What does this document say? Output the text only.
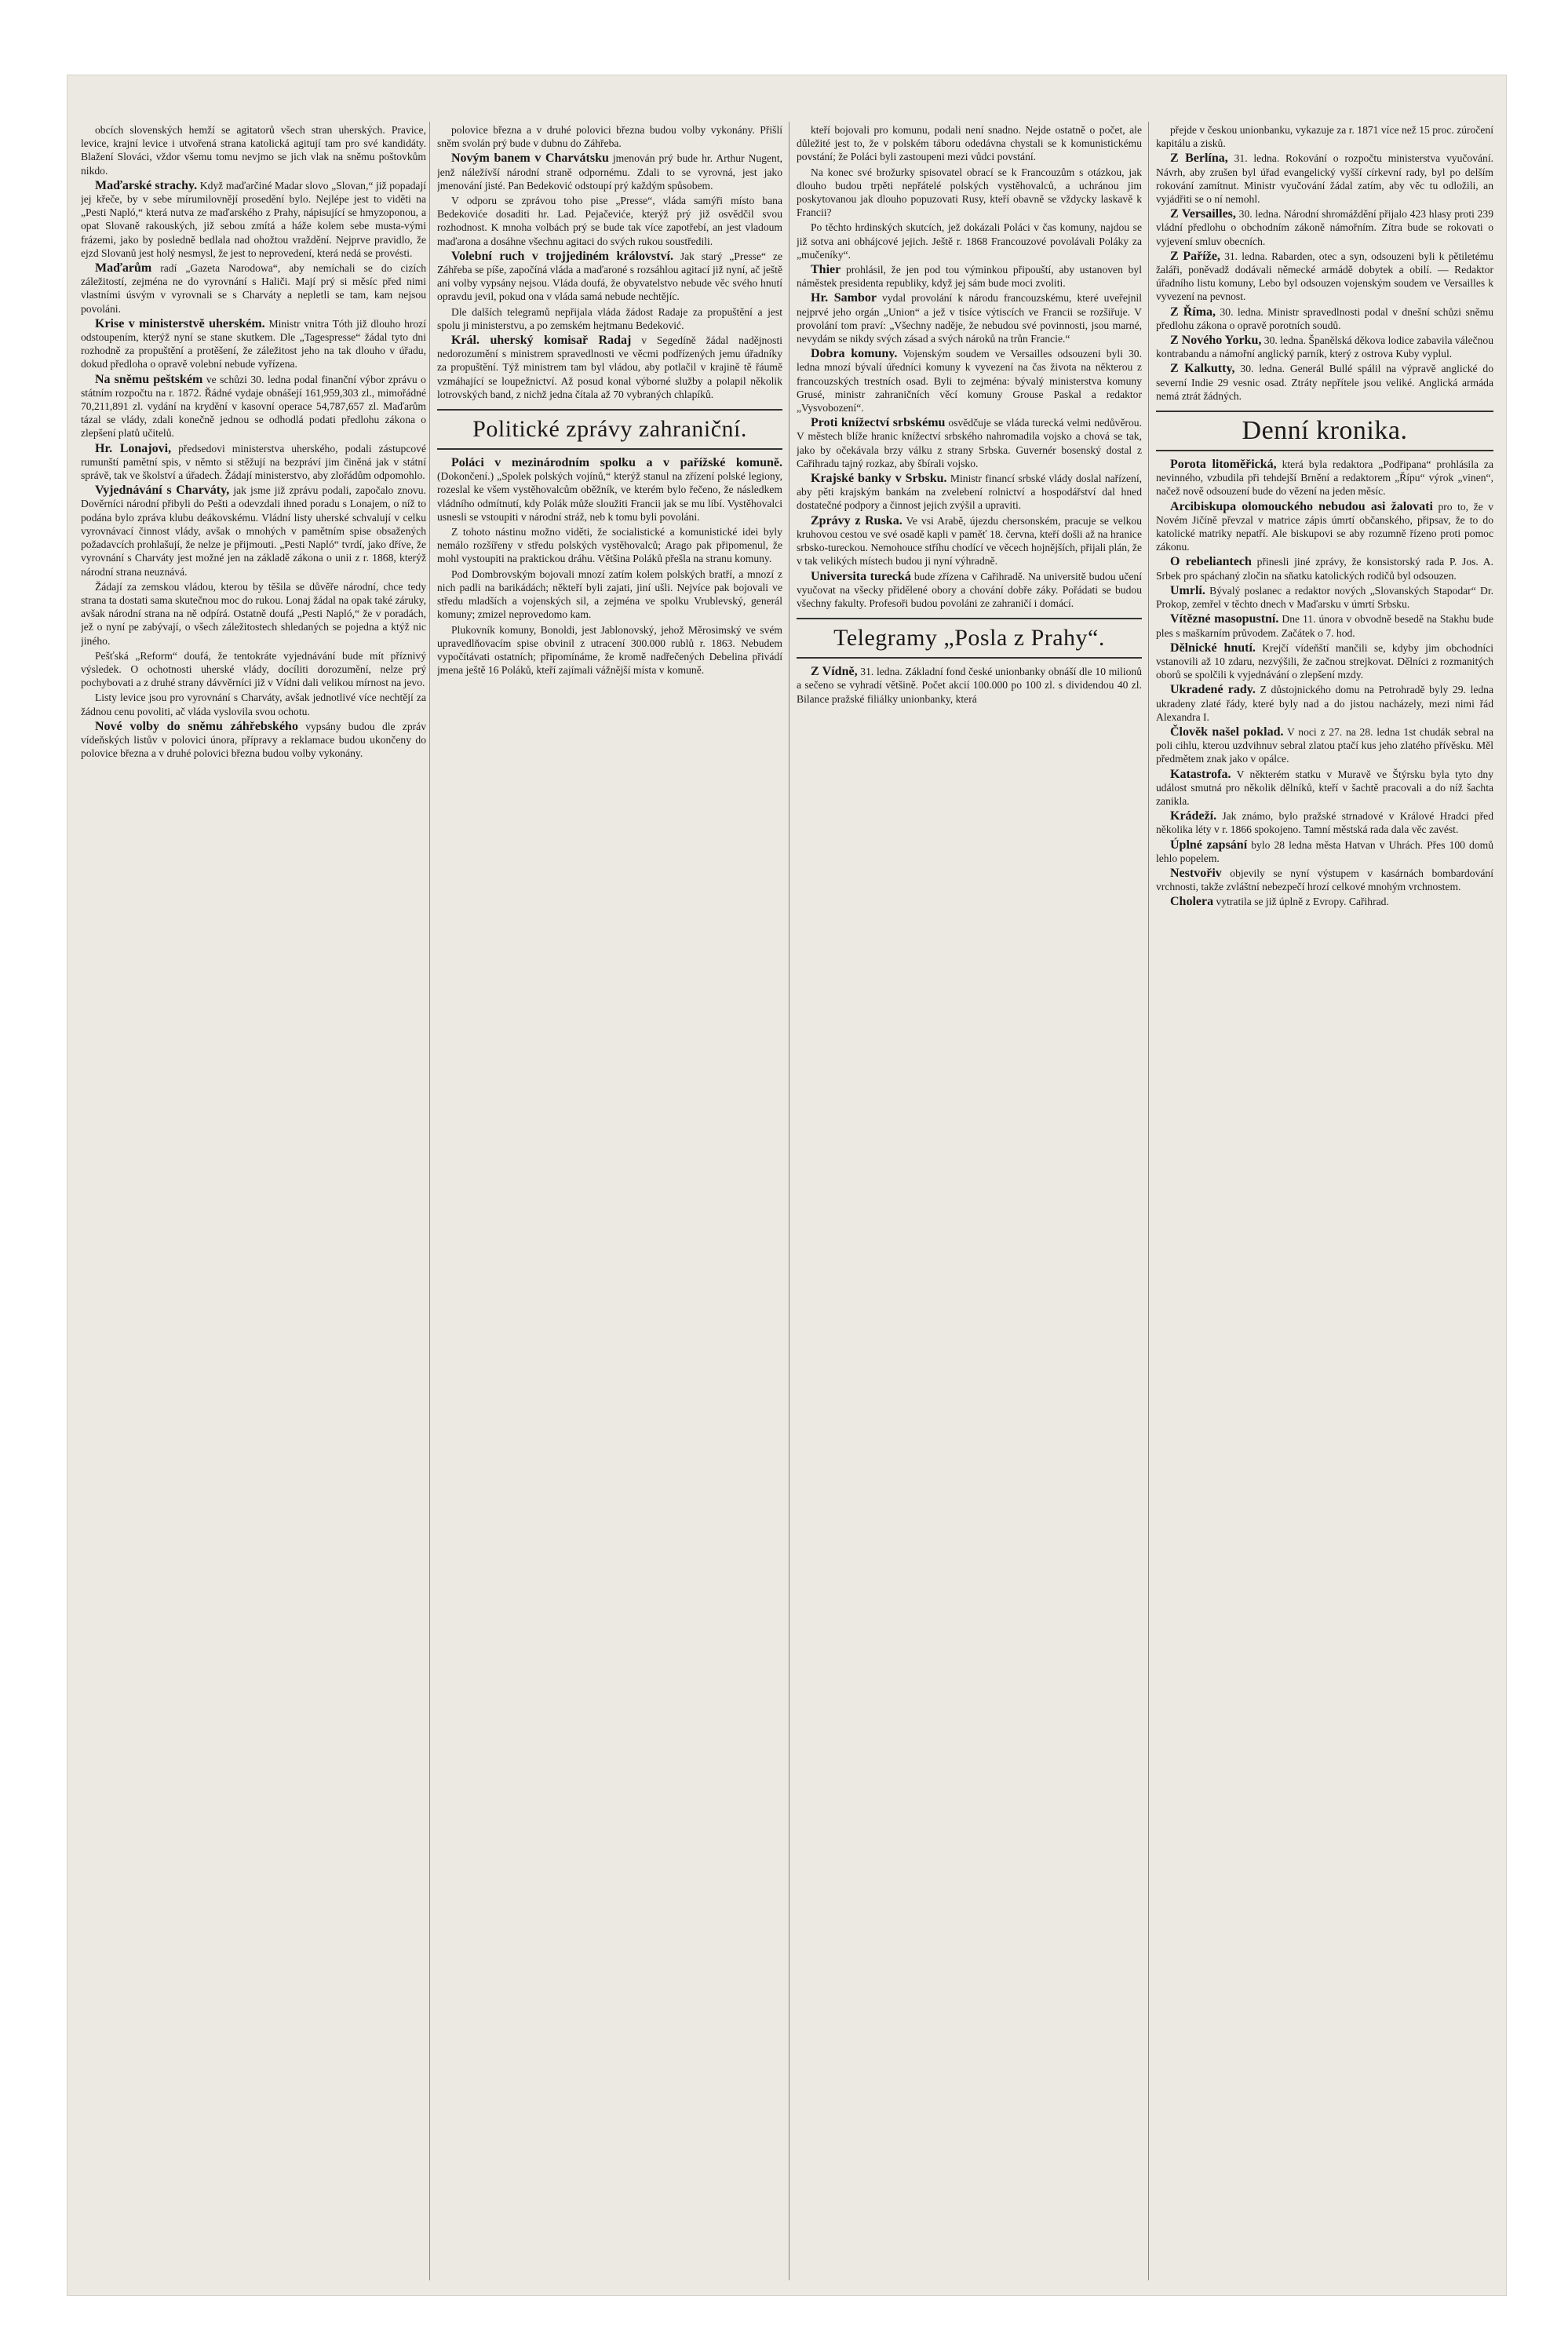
obcích slovenských hemží se agitatorů všech stran uherských. Pravice, levice, krajní levice i utvořená strana katolická agitují tam pro své kandidáty. Blažení Slováci, vždor všemu tomu nevjmo se jich vlak na sněmu poštovkům nikdo.

Maďarské strachy. Když maďarčiné Madar slovo „Slovan,“ již popadají jej křeče, by v sebe mírumilovnějí prosedění bylo. Nejlépe jest to viděti na „Pesti Napló,“ která nutva ze maďarského z Prahy, nápisující se hmyzoponou, a opat Slovaně rakouských, již sebou zmítá a háže kolem sebe musta-vými frázemi, jako by posledně bedlala nad ohožtou vraždění. Nejprve pravidlo, že ejzd Slovanů jest holý nesmysl, že jest to neprovedení, která nedá se provésti.

Maďarům radí „Gazeta Narodowa“, aby nemíchali se do cizích záležitostí, zejména ne do vyrovnání s Haliči. Mají prý si měsíc před nimi vlastními úsvým v vyrovnali se s Charváty a nepletli se tam, kam nejsou povoláni.

Krise v ministerstvě uherském. Ministr vnitra Tóth již dlouho hrozí odstoupením, kterýž nyní se stane skutkem. Dle „Tagespresse“ žádal tyto dni rozhodně za propuštění a protěšení, že záležitost jeho na tak dlouho v úřadu, dokud předloha o opravě volební nebude vyřízena.

Na sněmu peštském ve schůzi 30. ledna podal finanční výbor zprávu o státním rozpočtu na r. 1872. Řádné vydaje obnášejí 161,959,303 zl., mimořádné 70,211,891 zl. vydání na krydění v kasovní operace 54,787,657 zl. Maďarům tázal se vlády, zdali konečně jednou se odhodlá podati předlohu zákona o zlepšení platů učitelů.

Hr. Lonajovi, předsedovi ministerstva uherského, podali zástupcové rumunští pamětní spis, v němto si stěžují na bezpráví jim činěná jak v státní správě, tak ve školství a úřadech. Žádají ministerstvo, aby zlořádům odpomohlo.

Vyjednávání s Charváty, jak jsme již zprávu podali, započalo znovu. Dověrníci národní přibyli do Pešti a odevzdali ihned poradu s Lonajem, o níž to podána bylo zpráva klubu deákovskému. Vládní listy uherské schvalují v celku vyrovnávací činnost vlády, avšak o mnohých v pamětním spise obsažených požadavcích prohlašují, že nelze je přijmouti. „Pesti Napló“ tvrdí, jako dříve, že vyrovnání s Charváty jest možné jen na základě zákona o unii z r. 1868, kterýž národní strana neuznává.

Žádají za zemskou vládou, kterou by těšila se důvěře národní, chce tedy strana ta dostati sama skutečnou moc do rukou. Lonaj žádal na opak také záruky, avšak národní strana na ně odpírá. Ostatně doufá „Pesti Napló,“ že v poradách, jež o nyní pe zabývají, o všech záležitostech shledaných se pojedna a ktýž nic jiného.

Pešťská „Reform“ doufá, že tentokráte vyjednávání bude mít příznivý výsledek. O ochotnosti uherské vlády, docíliti dorozumění, nelze prý pochybovati a z druhé strany dávvěrníci již v Vídni dali velikou mírnost na jevo.

Listy levice jsou pro vyrovnání s Charváty, avšak jednotlivé více nechtějí za žádnou cenu povoliti, ač vláda vyslovila svou ochotu.

Nové volby do sněmu záhřebského vypsány budou dle zpráv vídeňských listův v polovici února, přípravy a reklamace budou ukončeny do polovice března a v druhé polovici března budou volby vykonány.

polovice března a v druhé polovici března budou volby vykonány. Přišlí sněm svolán prý bude v dubnu do Záhřeba.

Novým banem v Charvátsku jmenován prý bude hr. Arthur Nugent, jenž náležívší národní straně odpornému. Zdali to se vyrovná, jest jako jmenování jisté. Pan Bedeković odstoupí prý každým spůsobem.

V odporu se zprávou toho pise „Presse“, vláda samýři místo bana Bedekoviće dosaditi hr. Lad. Pejačeviće, kterýž prý již osvědčil svou rozhodnost. K mnoha volbách prý se bude tak více zapotřebí, an jest vladoum maďarona a dosáhne všechnu agitaci do svých rukou soustředili.

Volební ruch v trojjediném království. Jak starý „Presse“ ze Záhřeba se píše, započíná vláda a maďaroné s rozsáhlou agitací již nyní, ač ještě ani volby vypsány nejsou. Vláda doufá, že obyvatelstvo nebude věc svého hnutí opravdu jevil, pokud ona v vláda samá nebude nechtějíc.

Dle dalších telegramů nepřijala vláda žádost Radaje za propuštění a jest spolu ji ministerstvu, a po zemském hejtmanu Bedeković.

Král. uherský komisař Radaj v Segedíně žádal nadějnosti nedorozumění s ministrem spravedlnosti ve věcmi podřízených jemu úřadníky za propuštění. Týž ministrem tam byl vládou, aby potlačil v krajině tě řáumě vzmáhající se loupežnictví. Až posud konal výborné služby a polapil několik lotrovských band, z nichž jedna čítala až 70 vybraných chlapíků.

Politické zprávy zahraniční.

Poláci v mezinárodním spolku a v pařížské komuně. (Dokončení.) „Spolek polských vojínů,“ kterýž stanul na zřízení polské legiony, rozeslal ke všem vystěhovalcům oběžník, ve kterém bylo řečeno, že následkem vládního odmítnutí, kdy Polák může sloužiti Francii jak se mu líbí. Vystěhovalci usnesli se vstoupiti v národní stráž, neb k tomu byli povoláni.

Z tohoto nástinu možno viděti, že socialistické a komunistické idei byly nemálo rozšířeny v středu polských vystěhovalců; Arago pak připomenul, že mohl vystoupiti na praktickou dráhu. Většina Poláků přešla na stranu komuny.

Pod Dombrovským bojovali mnozí zatím kolem polských bratří, a mnozí z nich padli na barikádách; někteří byli zajati, jiní ušli. Nejvíce pak bojovali ve středu mladších a vojenských sil, a zejména ve spolku Vrublevský, generál komuny; zmizel neprovedomo kam.

Plukovník komuny, Bonoldi, jest Jablonovský, jehož Měrosimský ve svém upravedlňovacím spise obvinil z utracení 300.000 rublů r. 1863. Nebudem vypočítávati ostatních; připomínáme, že kromě nadřečených Debelina přivádí jmena ještě 16 Poláků, kteří zajímali vážnější místa v komuně.

kteří bojovali pro komunu, podali není snadno. Nejde ostatně o počet, ale důležité jest to, že v polském táboru odedávna chystali se k komunistickému povstání; že Poláci byli zastoupeni mezi vůdci povstání.

Na konec své brožurky spisovatel obrací se k Francouzům s otázkou, jak dlouho budou trpěti nepřátelé polských vystěhovalců, a uchránou jim poskytovanou jak dlouho popuzovati Rusy, kteří obavně se vždycky laskavě k Francii?

Po těchto hrdinských skutcích, jež dokázali Poláci v čas komuny, najdou se již sotva ani obhájcové jejich. Ještě r. 1868 Francouzové povolávali Poláky za „mučeníky“.

Thier prohlásil, že jen pod tou výminkou připouští, aby ustanoven byl náměstek presidenta republiky, když jej sám bude moci zvoliti.

Hr. Sambor vydal provolání k národu francouzskému, které uveřejnil nejprvé jeho orgán „Union“ a jež v tisíce výtiscích ve Francii se rozšiřuje. V provolání tom praví: „Všechny naděje, že nebudou své povinnosti, jsou marné, nevydám se nikdy svých zásad a svých nároků na trůn Francie.“

Dobra komuny. Vojenským soudem ve Versailles odsouzeni byli 30. ledna mnozí bývalí úředníci komuny k vyvezení na čas života na některou z francouzských trestních osad. Byli to zejména: bývalý ministerstva komuny Grusé, ministr zahraničních věcí komuny Grouse Paskal a redaktor „Vysvobození“.

Proti knížectví srbskému osvědčuje se vláda turecká velmi nedůvěrou. V městech blíže hranic knížectví srbského nahromadila vojsko a chová se tak, jako by očekávala brzy válku z strany Srbska. Guvernér bosenský dostal z Cařihradu tajný rozkaz, aby šbírali vojsko.

Krajské banky v Srbsku. Ministr financí srbské vlády doslal nařízení, aby pěti krajským bankám na zvelebení rolnictví a hospodářství dal hned dostatečné podpory a činnost jejich zvýšil a upraviti.

Zprávy z Ruska. Ve vsi Arabě, újezdu chersonském, pracuje se velkou kruhovou cestou ve své osadě kapli v paměť 18. června, kteří došli až na hranice srbsko-tureckou. Nemohouce stříhu chodící ve věcech hojnějších, přijali plán, že v tak velikých místech budou ji nyní výhradně.

Universita turecká bude zřízena v Cařihradě. Na universitě budou učení vyučovat na všecky přidělené obory a chování dobře záky. Pořádati se budou všechny fakulty. Profesoři budou povoláni ze zahraničí i domácí.

Telegramy „Posla z Prahy“.

Z Vídně, 31. ledna. Základní fond české unionbanky obnáší dle 10 milionů a sečeno se vyhradí většině. Počet akcií 100.000 po 100 zl. s dividendou 40 zl. Bilance pražské filiálky unionbanky, která

přejde v českou unionbanku, vykazuje za r. 1871 více než 15 proc. zúročení kapitálu a zisků.

Z Berlína, 31. ledna. Rokování o rozpočtu ministerstva vyučování. Návrh, aby zrušen byl úřad evangelický vyšší církevní rady, byl po delším rokování zamítnut. Ministr vyučování žádal zatím, aby věc tu odložili, an vyjádřiti se o ní nemohl.

Z Versailles, 30. ledna. Národní shromáždění přijalo 423 hlasy proti 239 vládní předlohu o obchodním zákoně námořním. Zítra bude se rokovati o vyjevení smluv obecních.

Z Paříže, 31. ledna. Rabarden, otec a syn, odsouzeni byli k pětiletému žaláři, poněvadž dodávali německé armádě dobytek a obilí. — Redaktor úřadního listu komuny, Lebo byl odsouzen vojenským soudem ve Versailles k vyvezení na pevnost.

Z Říma, 30. ledna. Ministr spravedlnosti podal v dnešní schůzi sněmu předlohu zákona o opravě porotních soudů.

Z Nového Yorku, 30. ledna. Španělská děkova lodice zabavila válečnou kontrabandu a námořní anglický parník, který z ostrova Kuby vyplul.

Z Kalkutty, 30. ledna. Generál Bullé spálil na výpravě anglické do severní Indie 29 vesnic osad. Ztráty nepřítele jsou veliké. Anglická armáda nemá ztrát žádných.

Denní kronika.

Porota litoměřická, která byla redaktora „Podřipana“ prohlásila za nevinného, vzbudila při tehdejší Brnění a redaktorem „Řípu“ výrok „vinen“, načež nově odsouzení bude do vězení na jeden měsíc.

Arcibiskupa olomouckého nebudou asi žalovati pro to, že v Novém Jičíně převzal v matrice zápis úmrtí občanského, připsav, že to do katolické matriky nepatří. Ale biskupovi se aby rozumně řízeno proti pomoc zákonu.

O rebeliantech přinesli jiné zprávy, že konsistorský rada P. Jos. A. Srbek pro spáchaný zločin na sňatku katolických rodičů byl odsouzen.

Umrlí. Bývalý poslanec a redaktor nových „Slovanských Stapodar“ Dr. Prokop, zemřel v těchto dnech v Maďarsku v úmrtí Srbsku.

Vítězné masopustní. Dne 11. února v obvodně besedě na Stakhu bude ples s maškarním průvodem. Začátek o 7. hod.

Dělnické hnutí. Krejčí vídeňští mančili se, kdyby jim obchodníci vstanovili až 10 zdaru, nezvýšili, že začnou strejkovat. Dělníci z rozmanitých oborů se spolčili k vyjednávání o zlepšení mzdy.

Ukradené rady. Z důstojnického domu na Petrohradě byly 29. ledna ukradeny zlaté řády, které byly nad a do jistou nacházely, mezi nimi řád Alexandra I.

Člověk našel poklad. V noci z 27. na 28. ledna 1st chudák sebral na poli cihlu, kterou uzdvihnuv sebral zlatou ptačí kus jeho zlatého přívěsku. Měl předmětem znak jako v opálce.

Katastrofa. V některém statku v Muravě ve Štýrsku byla tyto dny událost smutná pro několik dělníků, kteří v šachtě pracovali a do níž šachta zanikla.

Krádeží. Jak známo, bylo pražské strnadové v Králové Hradci před několika léty v r. 1866 spokojeno. Tamní městská rada dala věc zavést.

Úplné zapsání bylo 28 ledna města Hatvan v Uhrách. Přes 100 domů lehlo popelem.

Nestvořiv objevily se nyní výstupem v kasárnách bombardování vrchnosti, takže zvláštní nebezpečí hrozí celkové mnohým vrchnostem.

Cholera vytratila se již úplně z Evropy. Cařihrad.
